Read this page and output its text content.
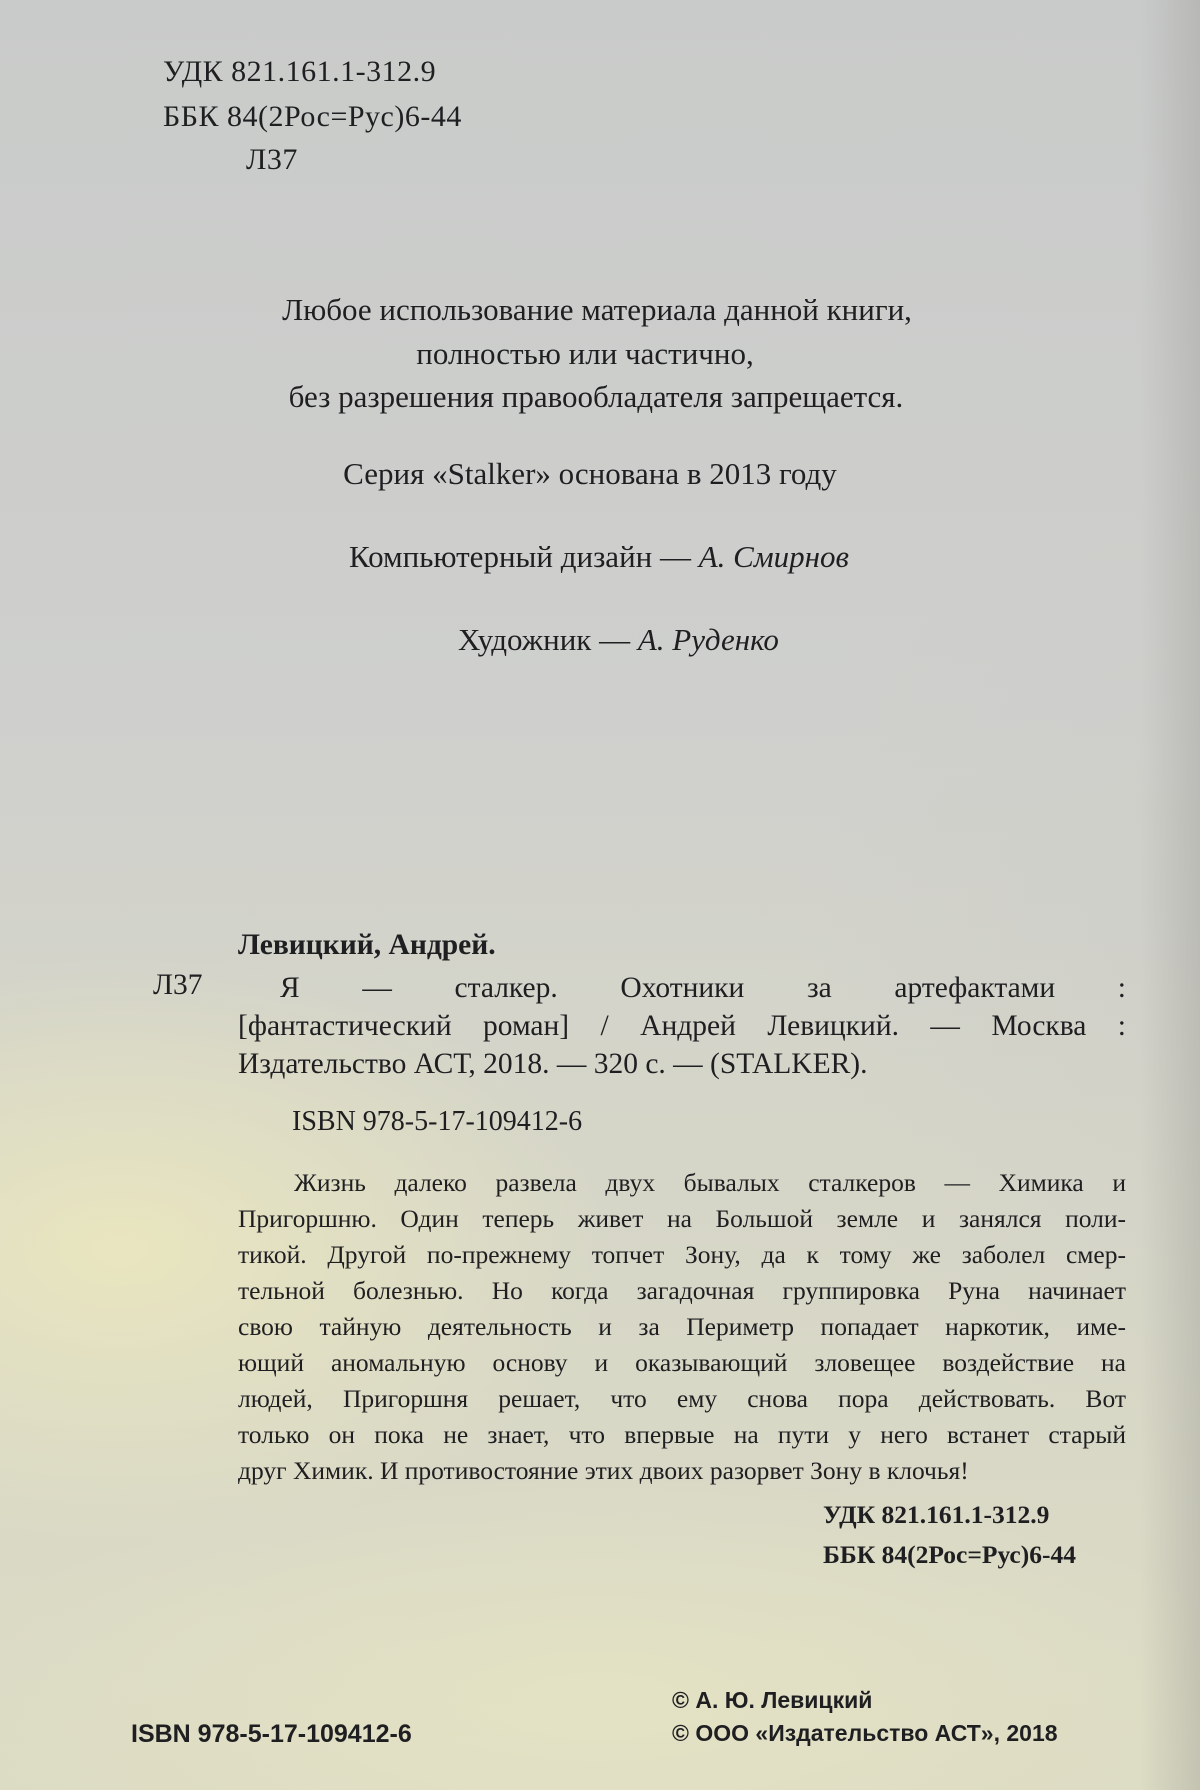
УДК 821.161.1-312.9
ББК 84(2Рос=Рус)6-44
Л37
Любое использование материала данной книги,
полностью или частично,
без разрешения правообладателя запрещается.
Серия «Stalker» основана в 2013 году
Компьютерный дизайн — А. Смирнов
Художник — А. Руденко
Левицкий, Андрей.
Л37	Я — сталкер. Охотники за артефактами :
[фантастический роман] / Андрей Левицкий. — Москва :
Издательство АСТ, 2018. — 320 с. — (STALKER).
ISBN 978-5-17-109412-6
Жизнь далеко развела двух бывалых сталкеров — Химика и
Пригоршню. Один теперь живет на Большой земле и занялся поли-
тикой. Другой по-прежнему топчет Зону, да к тому же заболел смер-
тельной болезнью. Но когда загадочная группировка Руна начинает
свою тайную деятельность и за Периметр попадает наркотик, име-
ющий аномальную основу и оказывающий зловещее воздействие на
людей, Пригоршня решает, что ему снова пора действовать. Вот
только он пока не знает, что впервые на пути у него встанет старый
друг Химик. И противостояние этих двоих разорвет Зону в клочья!
УДК 821.161.1-312.9
ББК 84(2Рос=Рус)6-44
© А. Ю. Левицкий
ISBN 978-5-17-109412-6	© ООО «Издательство АСТ», 2018
